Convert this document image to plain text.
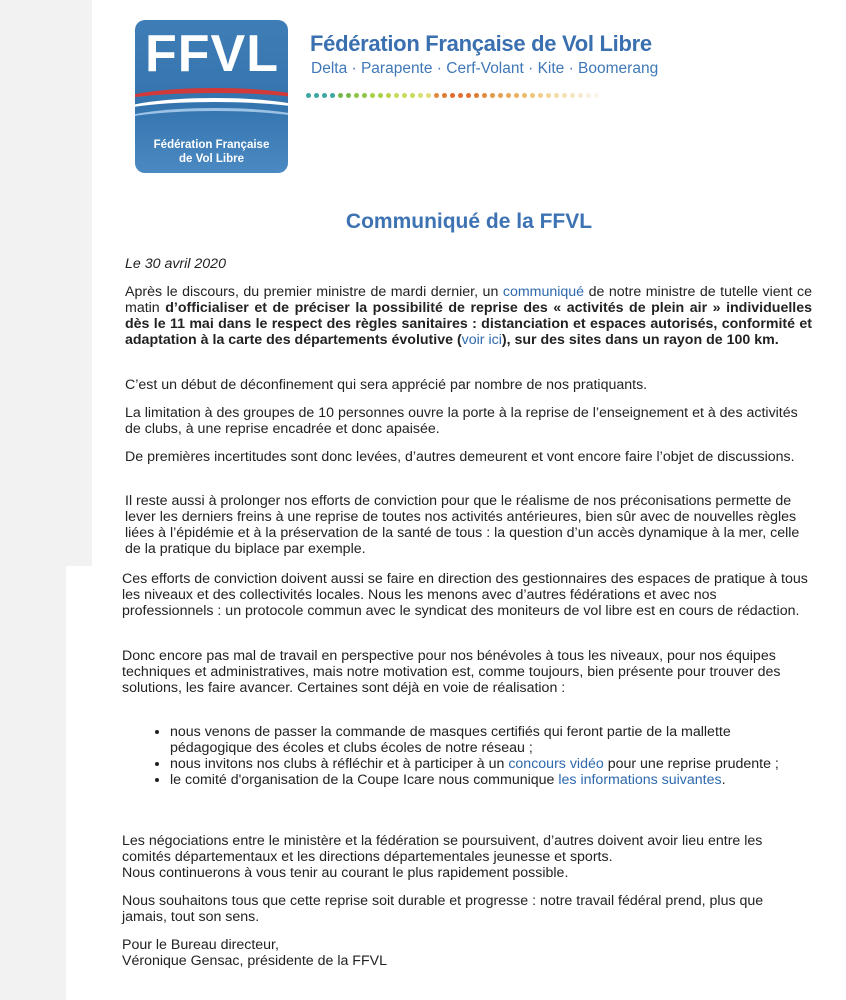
FFVL
Fédération Française
de Vol Libre
Fédération Française de Vol Libre
Delta · Parapente · Cerf-Volant · Kite · Boomerang
Communiqué de la FFVL
Le 30 avril 2020

Après le discours, du premier ministre de mardi dernier, un communiqué de notre ministre de tutelle vient ce matin d’officialiser et de préciser la possibilité de reprise des « activités de plein air » individuelles dès le 11 mai dans le respect des règles sanitaires : distanciation et espaces autorisés, conformité et adaptation à la carte des départements évolutive (voir ici), sur des sites dans un rayon de 100 km.

C’est un début de déconfinement qui sera apprécié par nombre de nos pratiquants.
La limitation à des groupes de 10 personnes ouvre la porte à la reprise de l’enseignement et à des activités de clubs, à une reprise encadrée et donc apaisée.
De premières incertitudes sont donc levées, d’autres demeurent et vont encore faire l’objet de discussions.
Il reste aussi à prolonger nos efforts de conviction pour que le réalisme de nos préconisations permette de lever les derniers freins à une reprise de toutes nos activités antérieures, bien sûr avec de nouvelles règles liées à l’épidémie et à la préservation de la santé de tous : la question d’un accès dynamique à la mer, celle de la pratique du biplace par exemple.
Ces efforts de conviction doivent aussi se faire en direction des gestionnaires des espaces de pratique à tous les niveaux et des collectivités locales. Nous les menons avec d’autres fédérations et avec nos professionnels : un protocole commun avec le syndicat des moniteurs de vol libre est en cours de rédaction.
Donc encore pas mal de travail en perspective pour nos bénévoles à tous les niveaux, pour nos équipes techniques et administratives, mais notre motivation est, comme toujours, bien présente pour trouver des solutions, les faire avancer. Certaines sont déjà en voie de réalisation :
• nous venons de passer la commande de masques certifiés qui feront partie de la mallette pédagogique des écoles et clubs écoles de notre réseau ;
• nous invitons nos clubs à réfléchir et à participer à un concours vidéo pour une reprise prudente ;
• le comité d'organisation de la Coupe Icare nous communique les informations suivantes.

Les négociations entre le ministère et la fédération se poursuivent, d’autres doivent avoir lieu entre les comités départementaux et les directions départementales jeunesse et sports.

Nous continuerons à vous tenir au courant le plus rapidement possible.

Nous souhaitons tous que cette reprise soit durable et progresse : notre travail fédéral prend, plus que jamais, tout son sens.

Pour le Bureau directeur,

Véronique Gensac, présidente de la FFVL
